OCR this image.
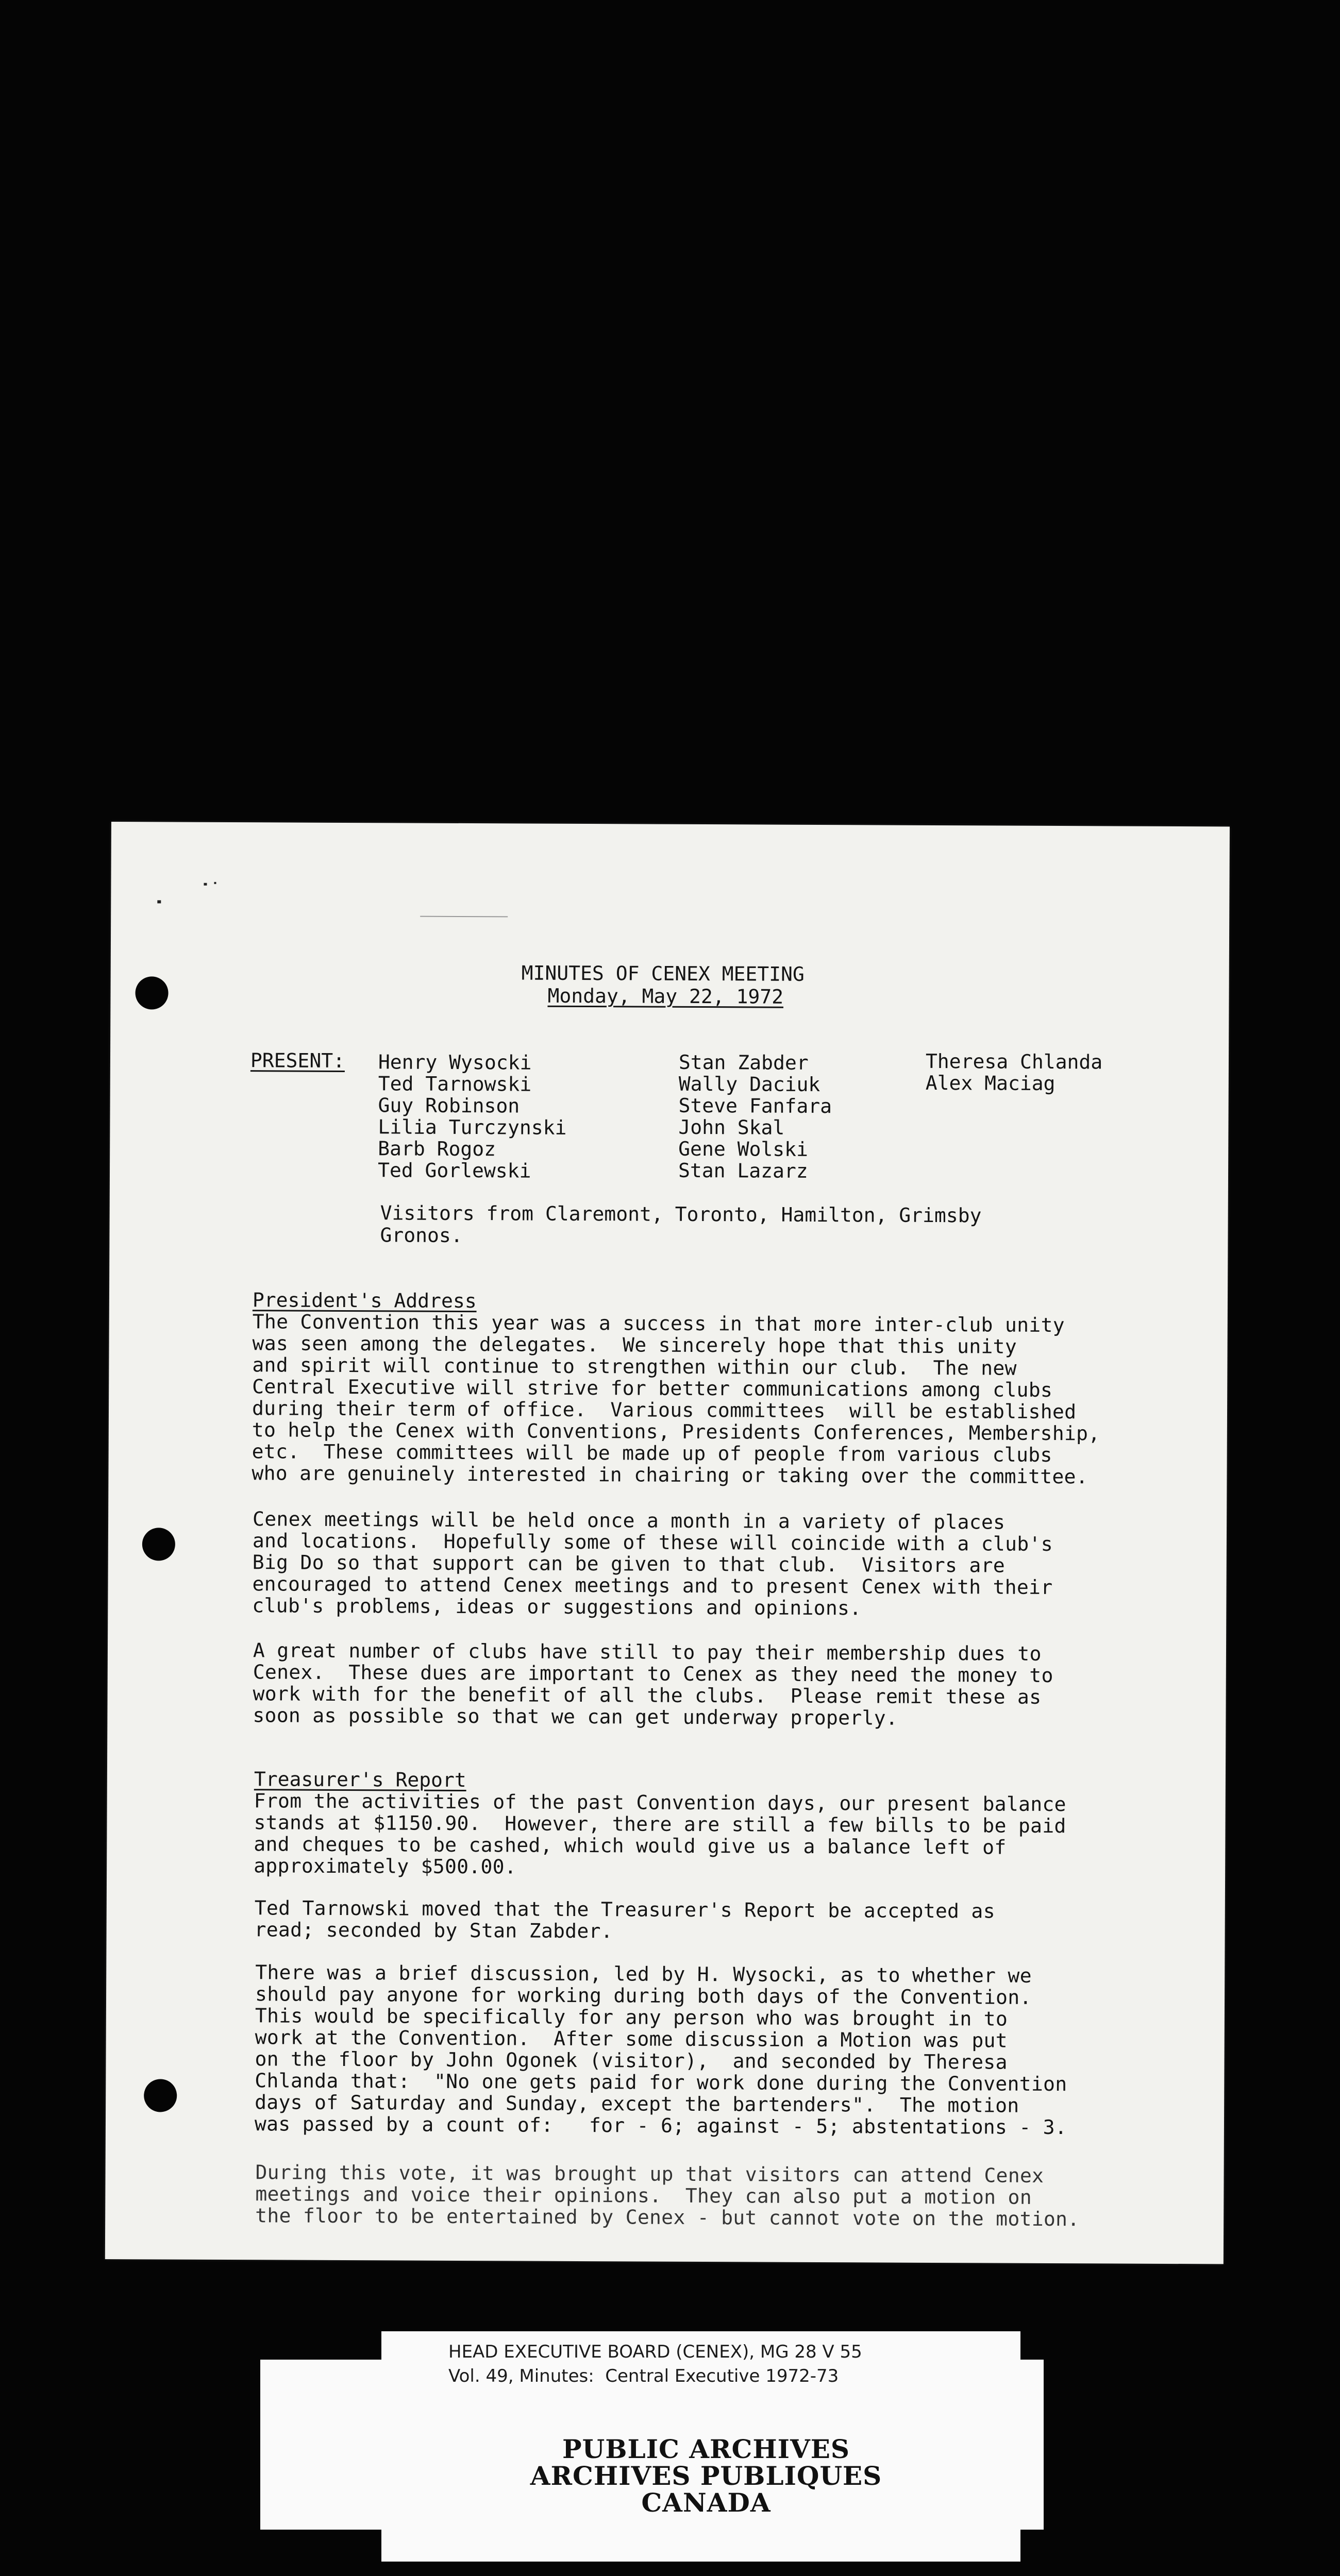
MINUTES OF CENEX MEETING
Monday, May 22, 1972
PRESENT: Henry Wysocki
Ted Tarnowski
Guy Robinson
Lilia Turczynski
Barb Rogoz
Ted Gorlewski
Stan Zabder
Wally Daciuk
Steve Fanfara
John Skal
Gene Wolski
Stan Lazarz
Theresa Chlanda
Alex Maciag
Visitors from Claremont, Toronto, Hamilton, Grimsby
Gronos.
President's Address
The Convention this year was a success in that more inter-club unity
was seen among the delegates.  We sincerely hope that this unity
and spirit will continue to strengthen within our club.  The new
Central Executive will strive for better communications among clubs
during their term of office.  Various committees  will be established
to help the Cenex with Conventions, Presidents Conferences, Membership,
etc.  These committees will be made up of people from various clubs
who are genuinely interested in chairing or taking over the committee.
Cenex meetings will be held once a month in a variety of places
and locations.  Hopefully some of these will coincide with a club's
Big Do so that support can be given to that club.  Visitors are
encouraged to attend Cenex meetings and to present Cenex with their
club's problems, ideas or suggestions and opinions.
A great number of clubs have still to pay their membership dues to
Cenex.  These dues are important to Cenex as they need the money to
work with for the benefit of all the clubs.  Please remit these as
soon as possible so that we can get underway properly.
Treasurer's Report
From the activities of the past Convention days, our present balance
stands at $1150.90.  However, there are still a few bills to be paid
and cheques to be cashed, which would give us a balance left of
approximately $500.00.
Ted Tarnowski moved that the Treasurer's Report be accepted as
read; seconded by Stan Zabder.
There was a brief discussion, led by H. Wysocki, as to whether we
should pay anyone for working during both days of the Convention.
This would be specifically for any person who was brought in to
work at the Convention.  After some discussion a Motion was put
on the floor by John Ogonek (visitor),  and seconded by Theresa
Chlanda that:  "No one gets paid for work done during the Convention
days of Saturday and Sunday, except the bartenders".  The motion
was passed by a count of:   for - 6; against - 5; abstentations - 3.
During this vote, it was brought up that visitors can attend Cenex
meetings and voice their opinions.  They can also put a motion on
the floor to be entertained by Cenex - but cannot vote on the motion.
HEAD EXECUTIVE BOARD (CENEX), MG 28 V 55
Vol. 49, Minutes:  Central Executive 1972-73
PUBLIC ARCHIVES
ARCHIVES PUBLIQUES
CANADA
